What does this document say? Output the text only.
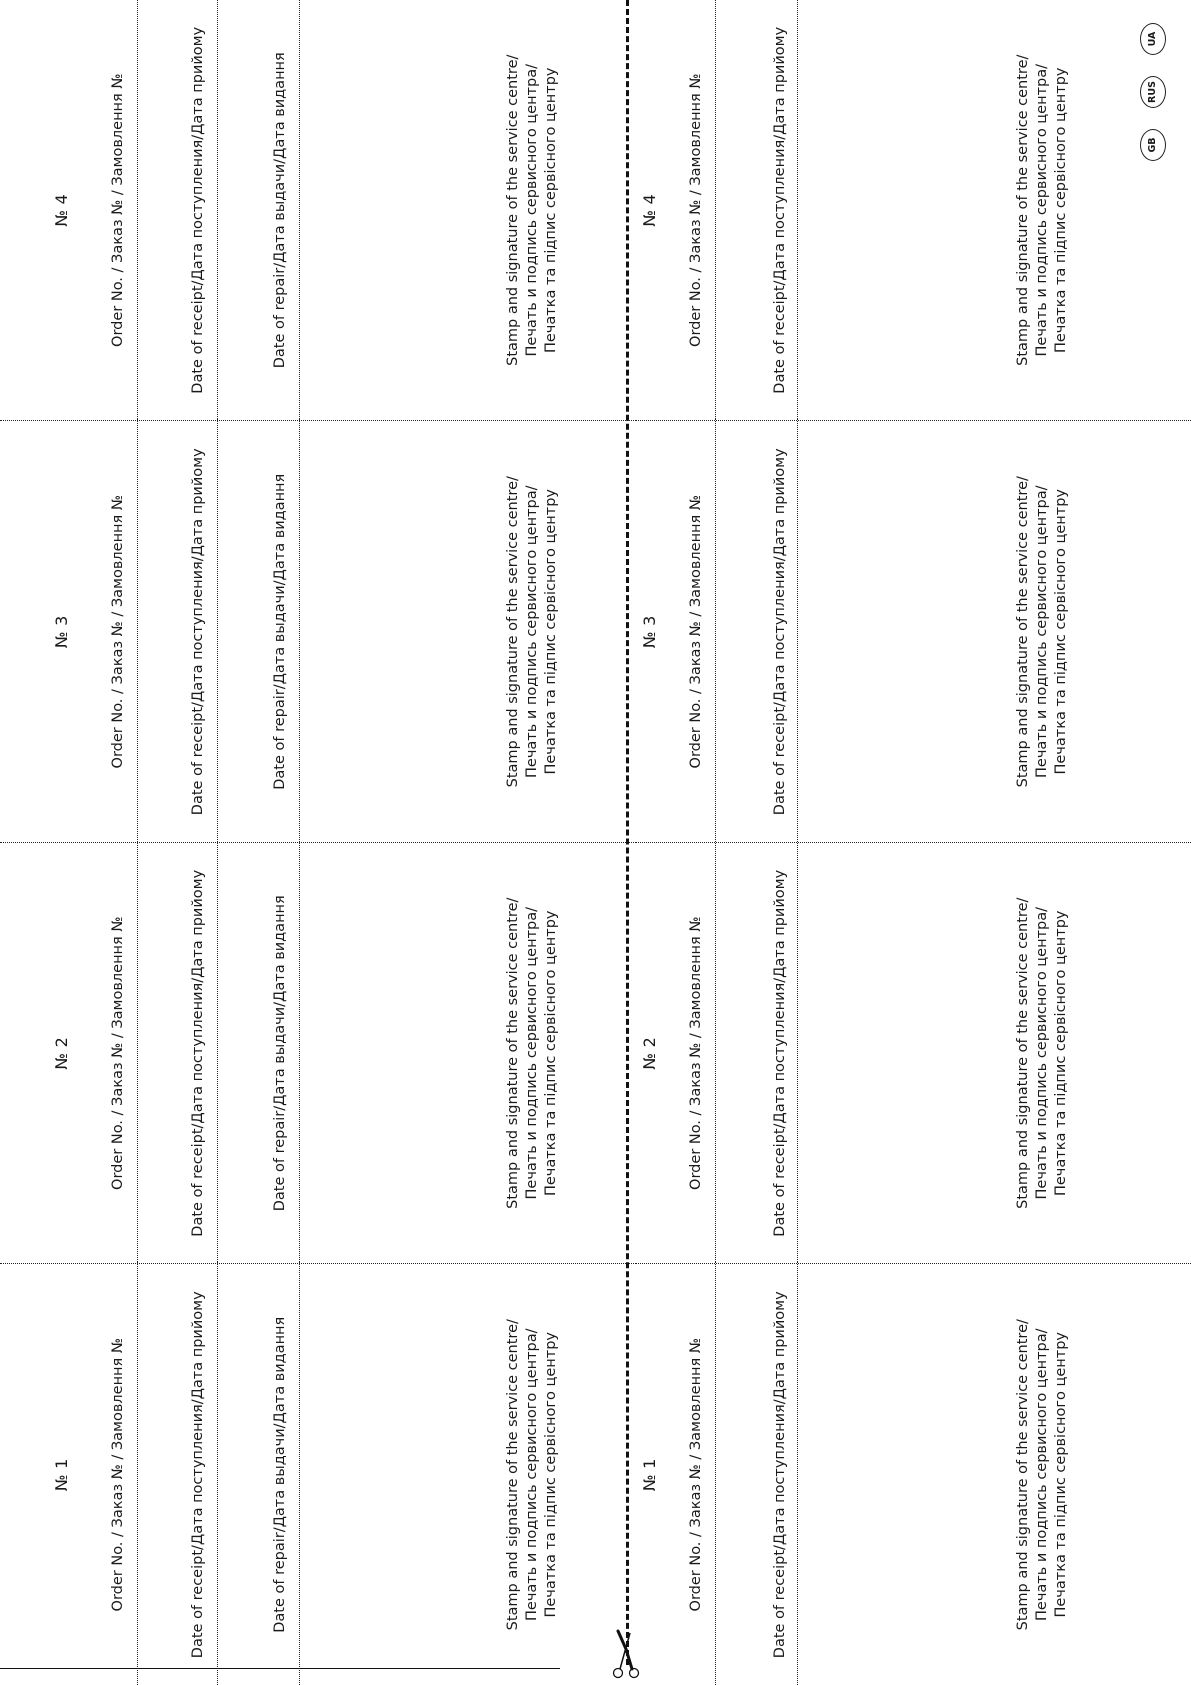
№ 1	Order No. / Заказ № / Замовлення №	Date of receipt/Дата поступления/Дата прийому	Date of repair/Дата выдачи/Дата видання	Stamp and signature of the service centre/ Печать и подпись сервисного центра/ Печатка та підпис сервісного центру
№ 2	Order No. / Заказ № / Замовлення №	Date of receipt/Дата поступления/Дата прийому	Date of repair/Дата выдачи/Дата видання	Stamp and signature of the service centre/ Печать и подпись сервисного центра/ Печатка та підпис сервісного центру
№ 3	Order No. / Заказ № / Замовлення №	Date of receipt/Дата поступления/Дата прийому	Date of repair/Дата выдачи/Дата видання	Stamp and signature of the service centre/ Печать и подпись сервисного центра/ Печатка та підпис сервісного центру
№ 4	Order No. / Заказ № / Замовлення №	Date of receipt/Дата поступления/Дата прийому	Date of repair/Дата выдачи/Дата видання	Stamp and signature of the service centre/ Печать и подпись сервисного центра/ Печатка та підпис сервісного центру
№ 1 Order No. / Заказ № / Замовлення №	Date of receipt/Дата поступления/Дата прийому	Stamp and signature of the service centre/ Печать и подпись сервисного центра/ Печатка та підпис сервісного центру
№ 2 Order No. / Заказ № / Замовлення №	Date of receipt/Дата поступления/Дата прийому	Stamp and signature of the service centre/ Печать и подпись сервисного центра/ Печатка та підпис сервісного центру
№ 3 Order No. / Заказ № / Замовлення №	Date of receipt/Дата поступления/Дата прийому	Stamp and signature of the service centre/ Печать и подпись сервисного центра/ Печатка та підпис сервісного центру
№ 4 Order No. / Заказ № / Замовлення №	Date of receipt/Дата поступления/Дата прийому	Stamp and signature of the service centre/ Печать и подпись сервисного центра/ Печатка та підпис сервісного центру	GB
RUS
UA
